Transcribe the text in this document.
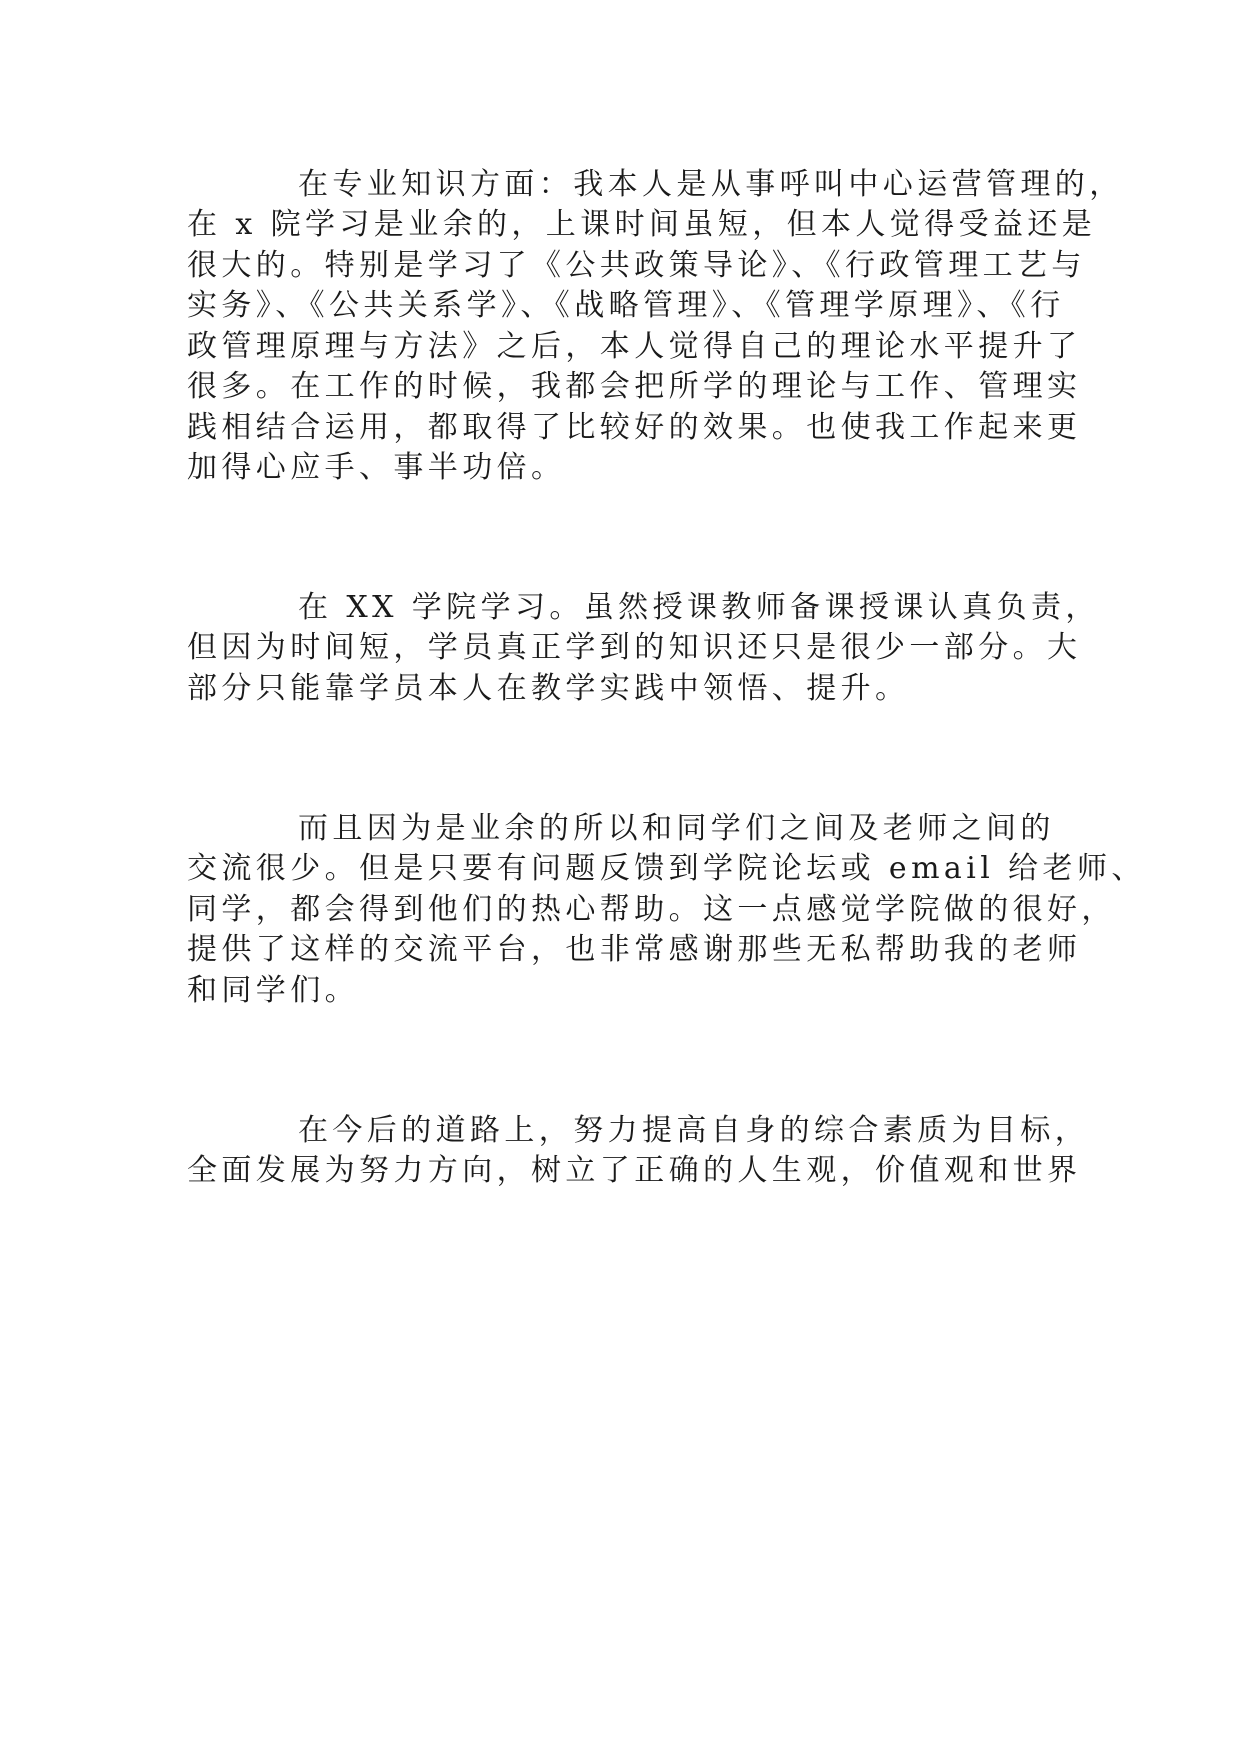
在专业知识方面：我本人是从事呼叫中心运营管理的，
在 x 院学习是业余的，上课时间虽短，但本人觉得受益还是
很大的。特别是学习了《公共政策导论》、《行政管理工艺与
实务》、《公共关系学》、《战略管理》、《管理学原理》、《行
政管理原理与方法》之后，本人觉得自己的理论水平提升了
很多。在工作的时候，我都会把所学的理论与工作、管理实
践相结合运用，都取得了比较好的效果。也使我工作起来更
加得心应手、事半功倍。
在 XX 学院学习。虽然授课教师备课授课认真负责，
但因为时间短，学员真正学到的知识还只是很少一部分。大
部分只能靠学员本人在教学实践中领悟、提升。
而且因为是业余的所以和同学们之间及老师之间的
交流很少。但是只要有问题反馈到学院论坛或 email 给老师、
同学，都会得到他们的热心帮助。这一点感觉学院做的很好，
提供了这样的交流平台，也非常感谢那些无私帮助我的老师
和同学们。
在今后的道路上，努力提高自身的综合素质为目标，
全面发展为努力方向，树立了正确的人生观，价值观和世界
